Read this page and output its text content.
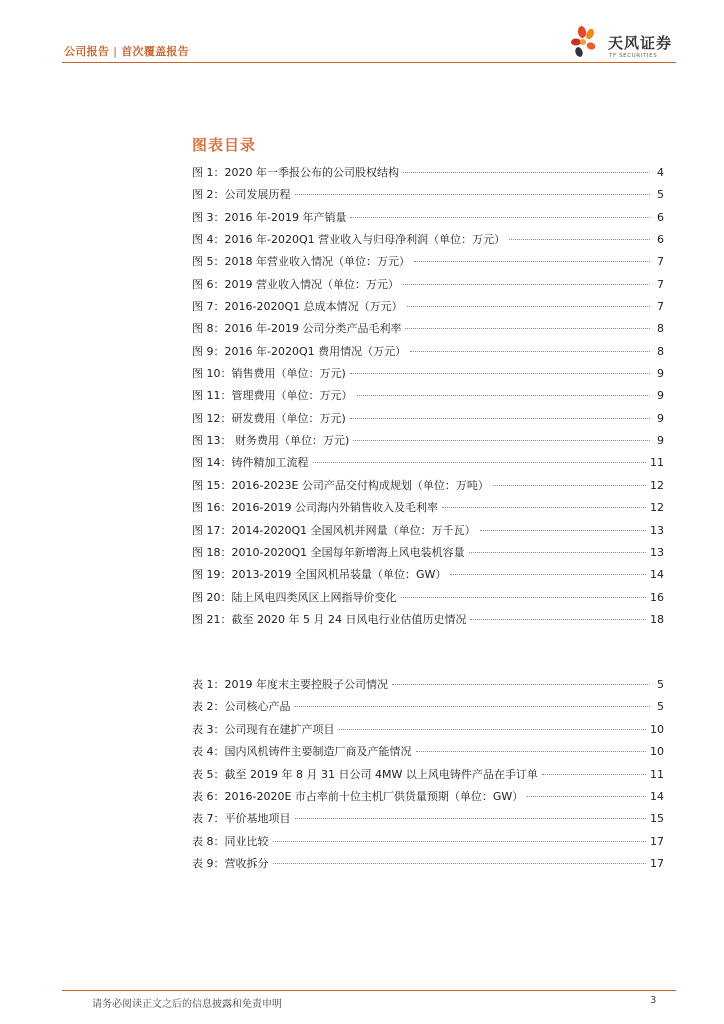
公司报告 | 首次覆盖报告	天风证券
TF SECURITIES
图表目录
图 1：2020 年一季报公布的公司股权结构	4
图 2：公司发展历程	5
图 3：2016 年-2019 年产销量	6
图 4：2016 年-2020Q1 营业收入与归母净利润（单位：万元）	6
图 5：2018 年营业收入情况（单位：万元）	7
图 6：2019 营业收入情况（单位：万元）	7
图 7：2016-2020Q1 总成本情况（万元）	7
图 8：2016 年-2019 公司分类产品毛利率	8
图 9：2016 年-2020Q1 费用情况（万元）	8
图 10：销售费用（单位：万元)	9
图 11：管理费用（单位：万元）	9
图 12：研发费用（单位：万元)	9
图 13： 财务费用（单位：万元)	9
图 14：铸件精加工流程	11
图 15：2016-2023E 公司产品交付构成规划（单位：万吨）	12
图 16：2016-2019 公司海内外销售收入及毛利率	12
图 17：2014-2020Q1 全国风机并网量（单位：万千瓦）	13
图 18：2010-2020Q1 全国每年新增海上风电装机容量	13
图 19：2013-2019 全国风机吊装量（单位：GW）	14
图 20：陆上风电四类风区上网指导价变化	16
图 21：截至 2020 年 5 月 24 日风电行业估值历史情况	18
表 1：2019 年度末主要控股子公司情况	5
表 2：公司核心产品	5
表 3：公司现有在建扩产项目	10
表 4：国内风机铸件主要制造厂商及产能情况	10
表 5：截至 2019 年 8 月 31 日公司 4MW 以上风电铸件产品在手订单	11
表 6：2016-2020E 市占率前十位主机厂供货量预期（单位：GW）	14
表 7：平价基地项目	15
表 8：同业比较	17
表 9：营收拆分	17
请务必阅读正文之后的信息披露和免责申明	3
